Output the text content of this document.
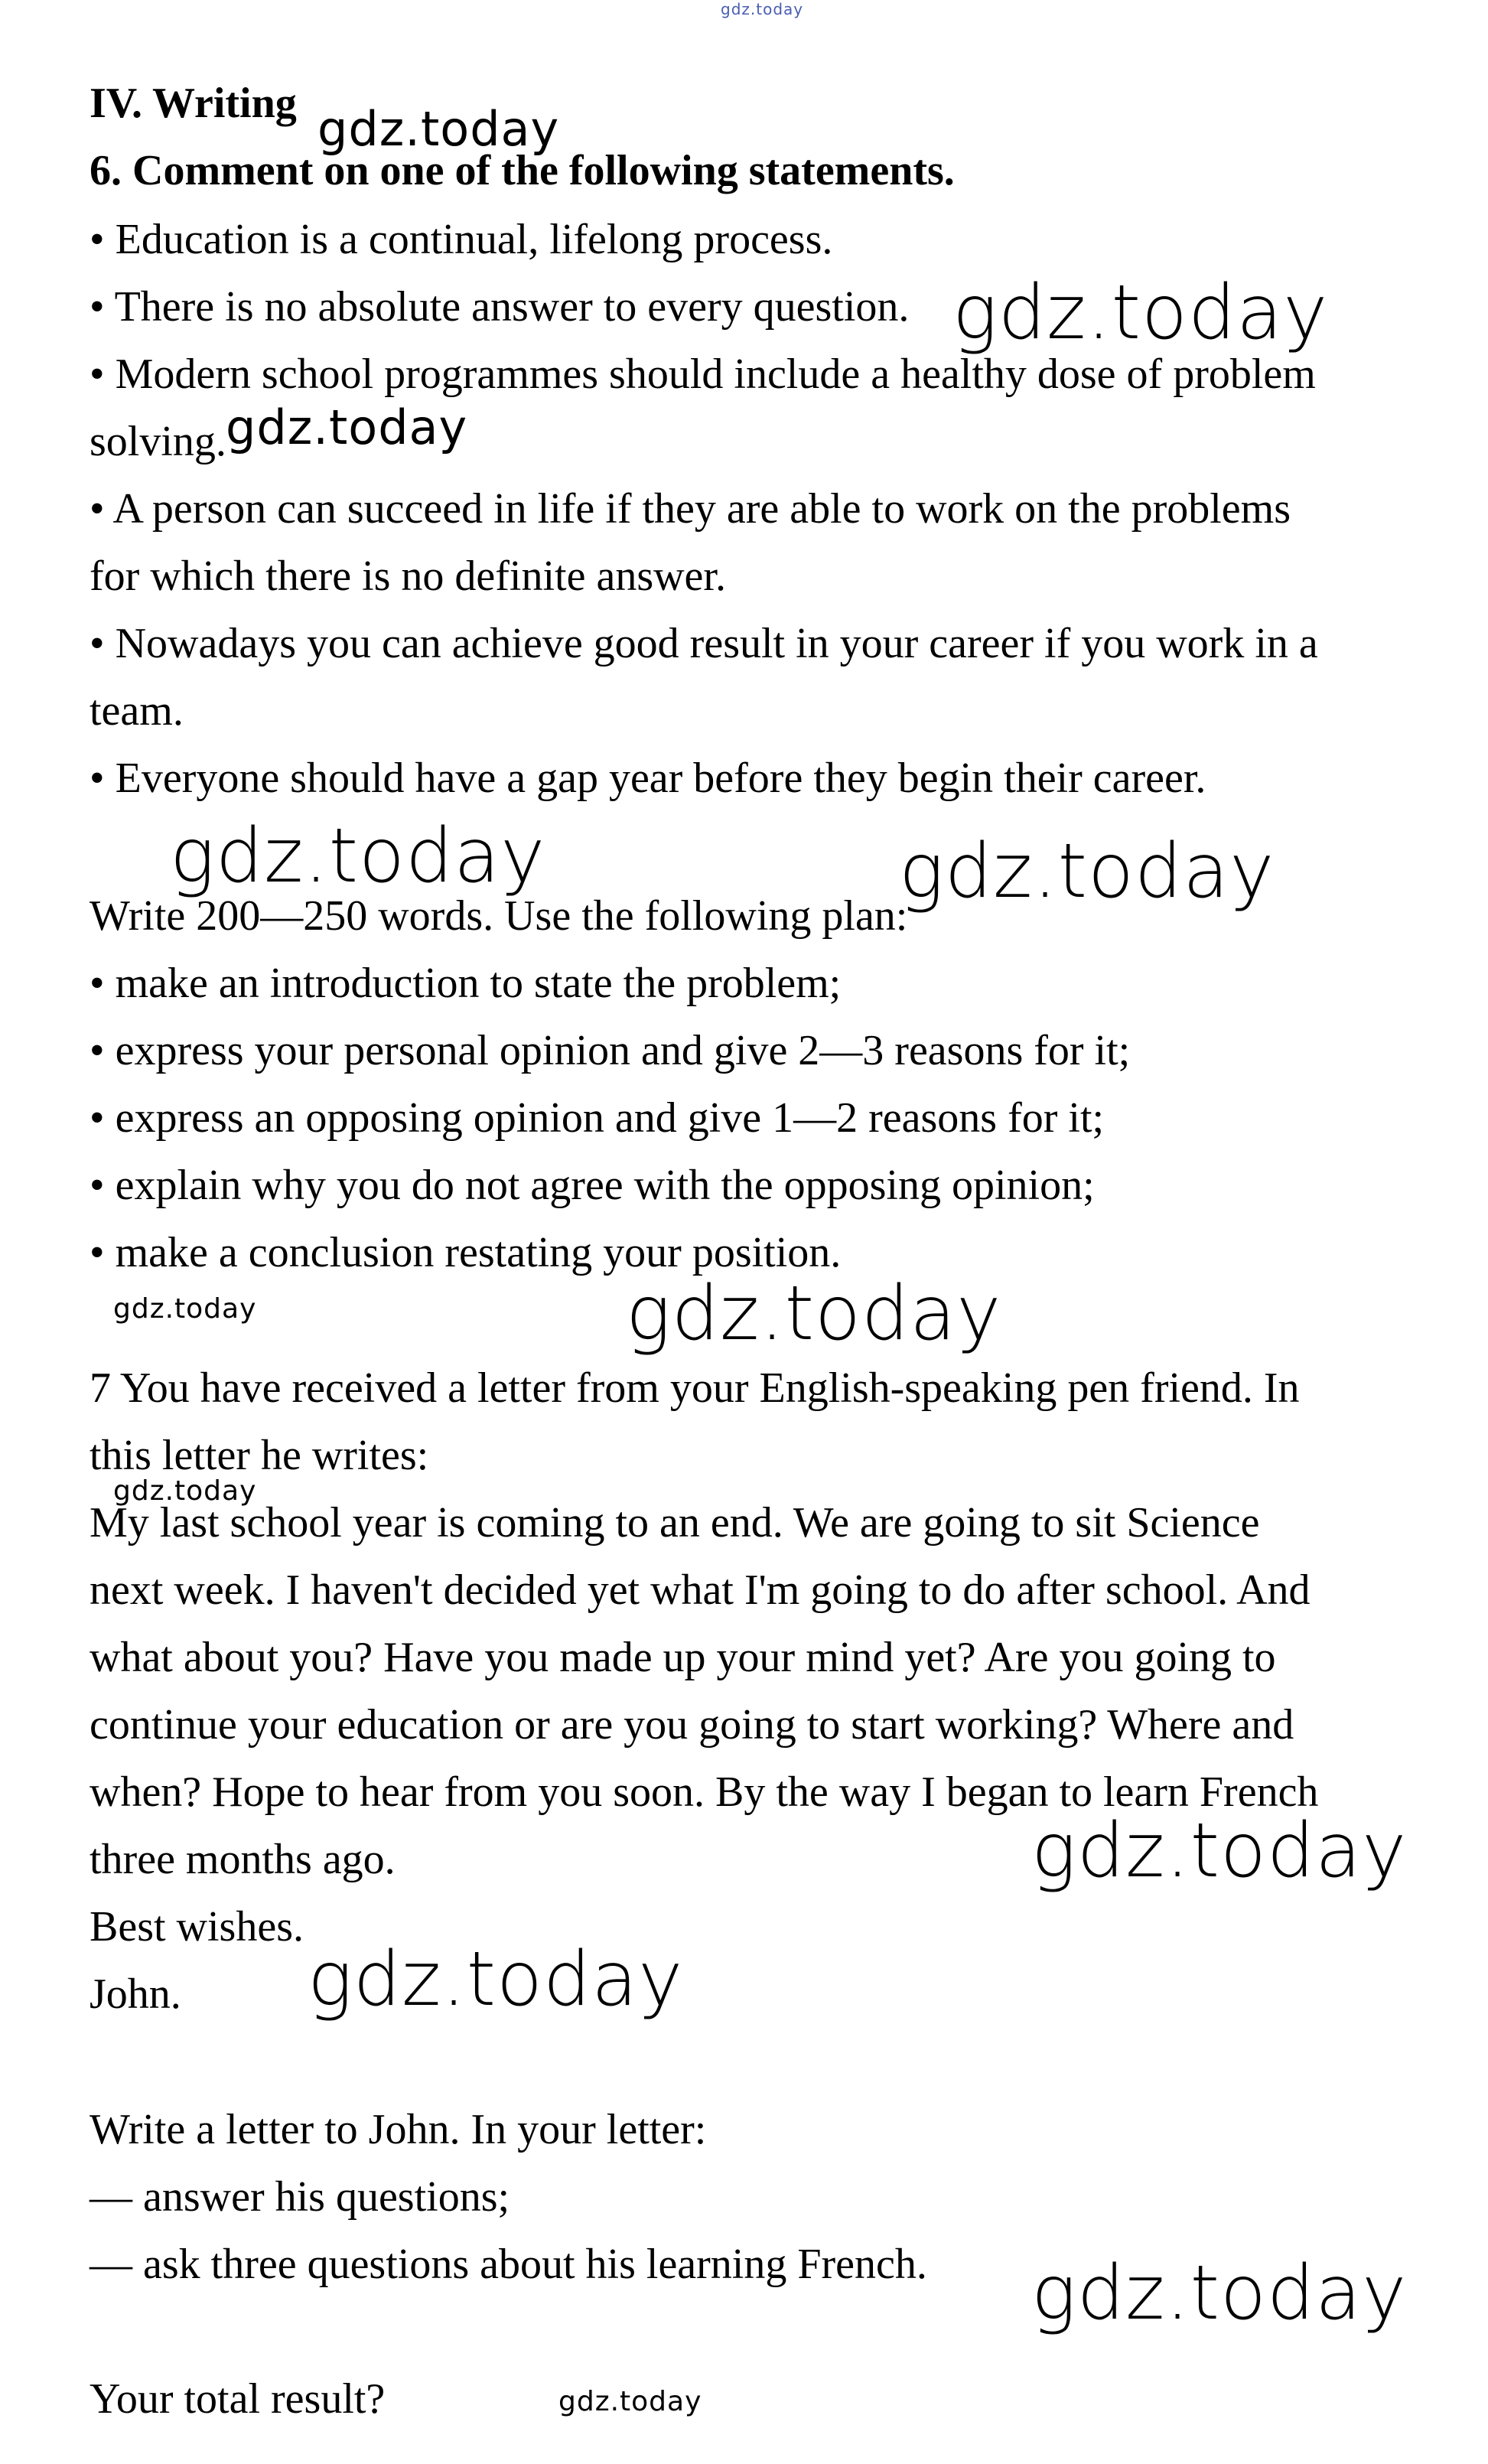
gdz.today
IV. Writing
6. Comment on one of the following statements.
• Education is a continual, lifelong process.
• There is no absolute answer to every question.
• Modern school programmes should include a healthy dose of problem
solving.
• A person can succeed in life if they are able to work on the problems
for which there is no definite answer.
• Nowadays you can achieve good result in your career if you work in a
team.
• Everyone should have a gap year before they begin their career.
Write 200—250 words. Use the following plan:
• make an introduction to state the problem;
• express your personal opinion and give 2—3 reasons for it;
• express an opposing opinion and give 1—2 reasons for it;
• explain why you do not agree with the opposing opinion;
• make a conclusion restating your position.
7 You have received a letter from your English-speaking pen friend. In
this letter he writes:
My last school year is coming to an end. We are going to sit Science
next week. I haven't decided yet what I'm going to do after school. And
what about you? Have you made up your mind yet? Are you going to
continue your education or are you going to start working? Where and
when? Hope to hear from you soon. By the way I began to learn French
three months ago.
Best wishes.
John.
Write a letter to John. In your letter:
— answer his questions;
— ask three questions about his learning French.
Your total result?
gdz.today
gdz.today
gdz.today
gdz.today	gdz.today
gdz.today	gdz.today
gdz.today
gdz.today
gdz.today
gdz.today
gdz.today
